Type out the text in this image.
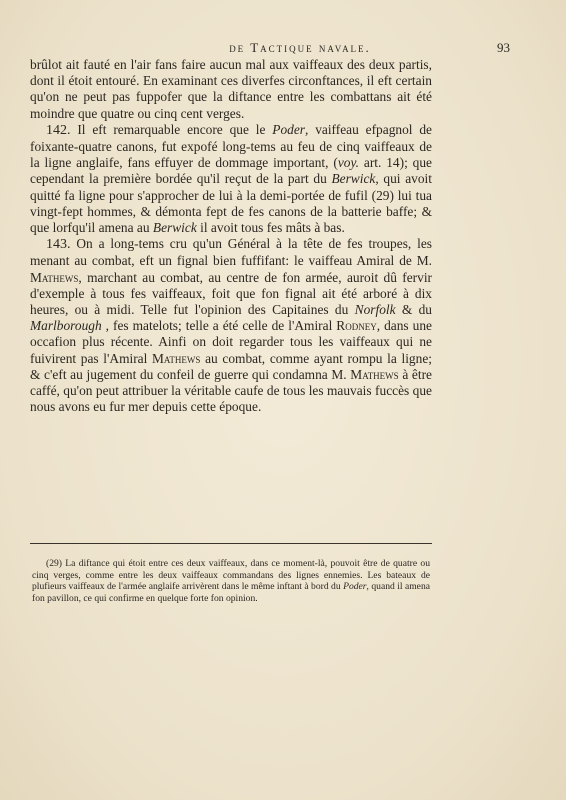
de Tactique navale.	93

brûlot ait fauté en l'air fans faire aucun mal aux vaiffeaux des deux partis, dont il étoit entouré. En examinant ces diverfes circonftances, il eft certain qu'on ne peut pas fuppofer que la diftance entre les combattans ait été moindre que quatre ou cinq cent verges.

142. Il eft remarquable encore que le Poder, vaiffeau efpagnol de foixante-quatre canons, fut expofé long-tems au feu de cinq vaiffeaux de la ligne anglaife, fans effuyer de dommage important, (voy. art. 14); que cependant la première bordée qu'il reçut de la part du Berwick, qui avoit quitté fa ligne pour s'approcher de lui à la demi-portée de fufil (29) lui tua vingt-fept hommes, & démonta fept de fes canons de la batterie baffe; & que lorfqu'il amena au Berwick il avoit tous fes mâts à bas.

143. On a long-tems cru qu'un Général à la tête de fes troupes, les menant au combat, eft un fignal bien fuffifant: le vaiffeau Amiral de M. Mathews, marchant au combat, au centre de fon armée, auroit dû fervir d'exemple à tous fes vaiffeaux, foit que fon fignal ait été arboré à dix heures, ou à midi. Telle fut l'opinion des Capitaines du Norfolk & du Marlborough , fes matelots; telle a été celle de l'Amiral Rodney, dans une occafion plus récente. Ainfi on doit regarder tous les vaiffeaux qui ne fuivirent pas l'Amiral Mathews au combat, comme ayant rompu la ligne; & c'eft au jugement du confeil de guerre qui condamna M. Mathews à être caffé, qu'on peut attribuer la véritable caufe de tous les mauvais fuccès que nous avons eu fur mer depuis cette époque.

(29) La diftance qui étoit entre ces deux vaiffeaux, dans ce moment-là, pouvoit être de quatre ou cinq verges, comme entre les deux vaiffeaux commandans des lignes ennemies. Les bateaux de plufieurs vaiffeaux de l'armée anglaife arrivèrent dans le même inftant à bord du Poder, quand il amena fon pavillon, ce qui confirme en quelque forte fon opinion.
